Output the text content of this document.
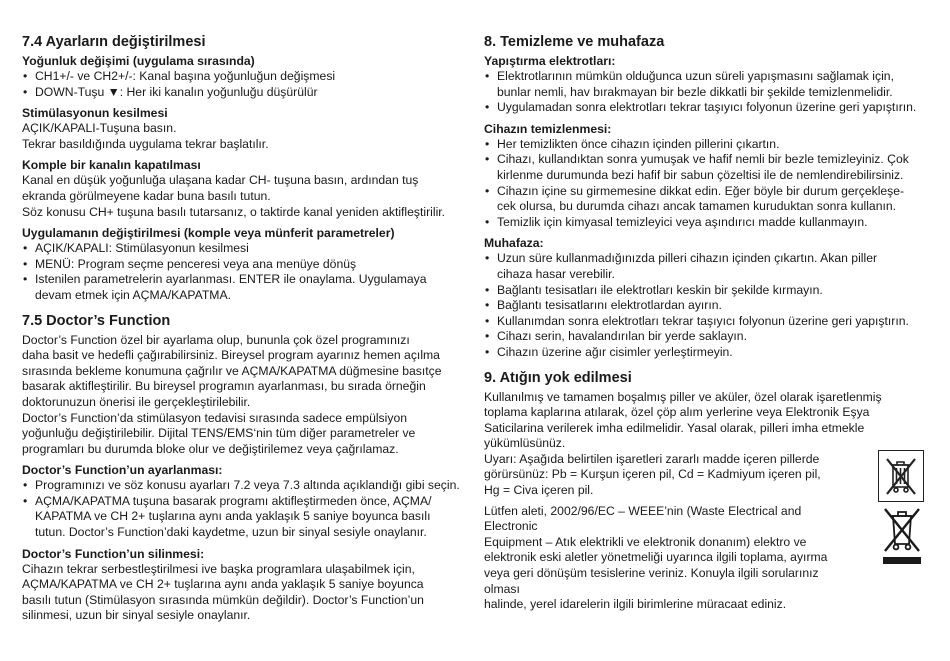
7.4 Ayarların değiştirilmesi
Yoğunluk değişimi (uygulama sırasında)
• CH1+/- ve CH2+/-: Kanal başına yoğunluğun değişmesi
• DOWN-Tuşu ▼: Her iki kanalın yoğunluğu düşürülür
Stimülasyonun kesilmesi
AÇIK/KAPALI-Tuşuna basın.
Tekrar basıldığında uygulama tekrar başlatılır.
Komple bir kanalın kapatılması
Kanal en düşük yoğunluğa ulaşana kadar CH- tuşuna basın, ardından tuş
ekranda görülmeyene kadar buna basılı tutun.
Söz konusu CH+ tuşuna basılı tutarsanız, o taktirde kanal yeniden aktifleştirilir.
Uygulamanın değiştirilmesi (komple veya münferit parametreler)
• AÇIK/KAPALI: Stimülasyonun kesilmesi
• MENÜ: Program seçme penceresi veya ana menüye dönüş
• Istenilen parametrelerin ayarlanması. ENTER ile onaylama. Uygulamaya
devam etmek için AÇMA/KAPATMA.
7.5 Doctor’s Function
Doctor’s Function özel bir ayarlama olup, bununla çok özel programınızı
daha basit ve hedefli çağırabilirsiniz. Bireysel program ayarınız hemen açılma
sırasında bekleme konumuna çağrılır ve AÇMA/KAPATMA düğmesine basıtçe
basarak aktifleştirilir. Bu bireysel programın ayarlanması, bu sırada örneğin
doktorunuzun önerisi ile gerçekleştirilebilir.
Doctor’s Function’da stimülasyon tedavisi sırasında sadece empülsiyon
yoğunluğu değiştirilebilir. Dijital TENS/EMS‘nin tüm diğer parametreler ve
programları bu durumda bloke olur ve değiştirilemez veya çağrılamaz.
Doctor’s Function’un ayarlanması:
• Programınızı ve söz konusu ayarları 7.2 veya 7.3 altında açıklandığı gibi seçin.
• AÇMA/KAPATMA tuşuna basarak programı aktifleştirmeden önce, AÇMA/
KAPATMA ve CH 2+ tuşlarına aynı anda yaklaşık 5 saniye boyunca basılı
tutun. Doctor’s Function’daki kaydetme, uzun bir sinyal sesiyle onaylanır.
Doctor’s Function’un silinmesi:
Cihazın tekrar serbestleştirilmesi ive başka programlara ulaşabilmek için,
AÇMA/KAPATMA ve CH 2+ tuşlarına aynı anda yaklaşık 5 saniye boyunca
basılı tutun (Stimülasyon sırasında mümkün değildir). Doctor’s Function’un
silinmesi, uzun bir sinyal sesiyle onaylanır.
8. Temizleme ve muhafaza
Yapıştırma elektrotları:
• Elektrotlarının mümkün olduğunca uzun süreli yapışmasını sağlamak için,
bunlar nemli, hav bırakmayan bir bezle dikkatli bir şekilde temizlenmelidir.
• Uygulamadan sonra elektrotları tekrar taşıyıcı folyonun üzerine geri yapıştırın.
Cihazın temizlenmesi:
• Her temizlikten önce cihazın içinden pillerini çıkartın.
• Cihazı, kullandıktan sonra yumuşak ve hafif nemli bir bezle temizleyiniz. Çok
kirlenme durumunda bezi hafif bir sabun çözeltisi ile de nemlendirebilirsiniz.
• Cihazın içine su girmemesine dikkat edin. Eğer böyle bir durum gerçekleşe-
cek olursa, bu durumda cihazı ancak tamamen kuruduktan sonra kullanın.
• Temizlik için kimyasal temizleyici veya aşındırıcı madde kullanmayın.
Muhafaza:
• Uzun süre kullanmadığınızda pilleri cihazın içinden çıkartın. Akan piller
cihaza hasar verebilir.
• Bağlantı tesisatları ile elektrotları keskin bir şekilde kırmayın.
• Bağlantı tesisatlarını elektrotlardan ayırın.
• Kullanımdan sonra elektrotları tekrar taşıyıcı folyonun üzerine geri yapıştırın.
• Cihazı serin, havalandırılan bir yerde saklayın.
• Cihazın üzerine ağır cisimler yerleştirmeyin.
9. Atığın yok edilmesi
Kullanılmış ve tamamen boşalmış piller ve aküler, özel olarak işaretlenmiş
toplama kaplarına atılarak, özel çöp alım yerlerine veya Elektronik Eşya
Saticilarina verilerek imha edilmelidir. Yasal olarak, pilleri imha etmekle
yükümlüsünüz.
Uyarı: Aşağıda belirtilen işaretleri zararlı madde içeren pillerde
görürsünüz: Pb = Kurşun içeren pil, Cd = Kadmiyum içeren pil,
Hg = Civa içeren pil.
Lütfen aleti, 2002/96/EC – WEEE’nin (Waste Electrical and Electronic
Equipment – Atık elektrikli ve elektronik donanım) elektro ve
elektronik eski aletler yönetmeliği uyarınca ilgili toplama, ayırma
veya geri dönüşüm tesislerine veriniz. Konuyla ilgili sorularınız olması
halinde, yerel idarelerin ilgili birimlerine müracaat ediniz.
